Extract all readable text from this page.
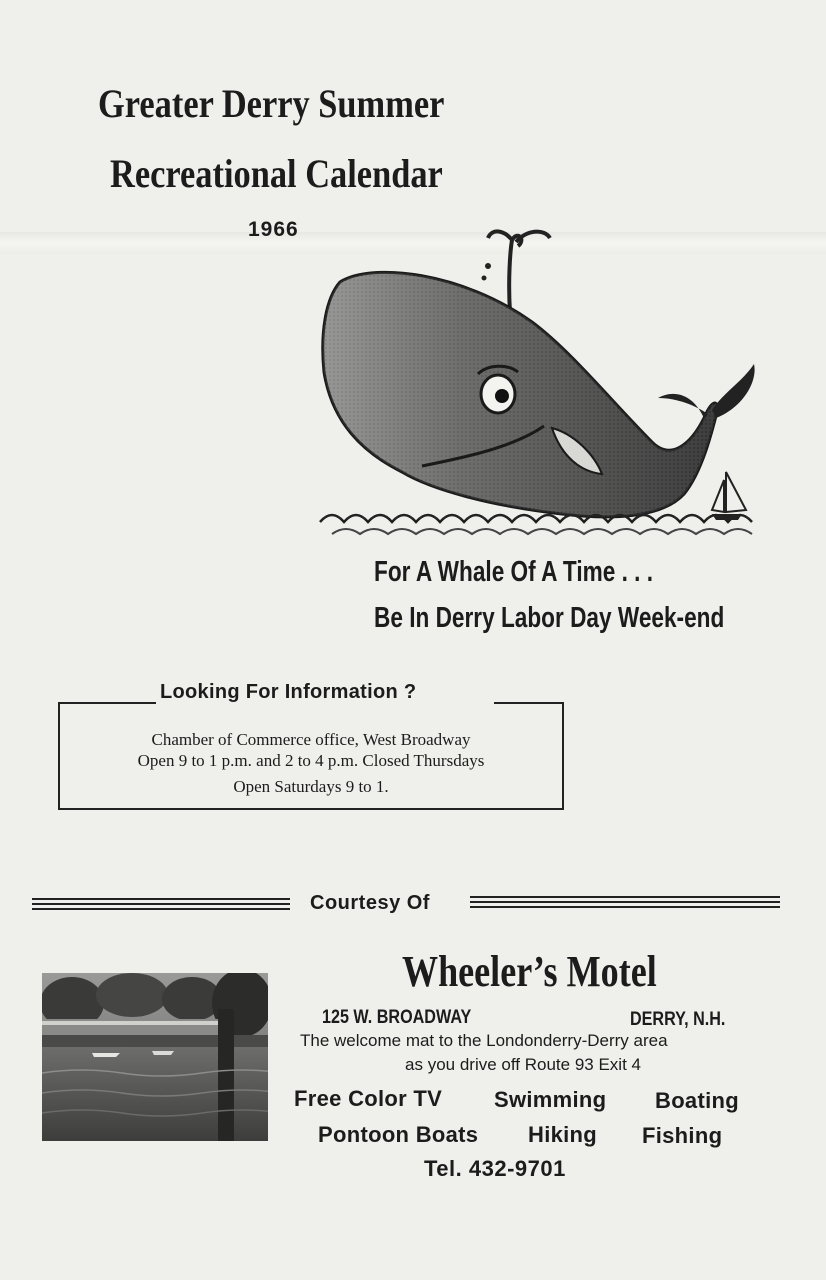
Greater Derry Summer
Recreational Calendar
1966
For A Whale Of A Time . . .
Be In Derry Labor Day Week-end
Looking For Information ?
Chamber of Commerce office, West Broadway
Open 9 to 1 p.m. and 2 to 4 p.m. Closed Thursdays
Open Saturdays 9 to 1.
Courtesy Of
Wheeler’s Motel
125 W. BROADWAY	DERRY, N.H.
The welcome mat to the Londonderry-Derry area
as you drive off Route 93 Exit 4
Free Color TV Swimming Boating
Pontoon Boats Hiking Fishing
Tel. 432-9701
